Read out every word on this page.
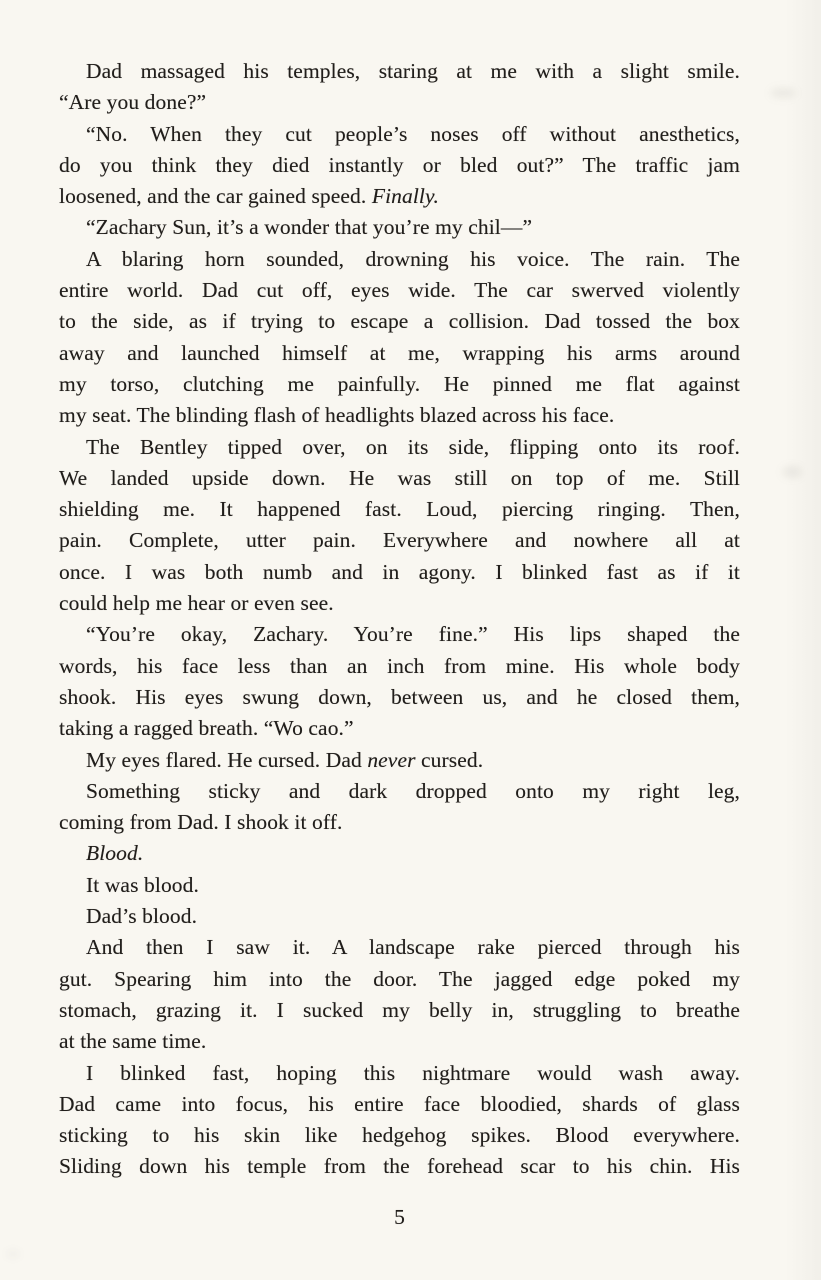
Dad massaged his temples, staring at me with a slight smile.
“Are you done?”
“No. When they cut people’s noses off without anesthetics,
do you think they died instantly or bled out?” The traffic jam
loosened, and the car gained speed. Finally.
“Zachary Sun, it’s a wonder that you’re my chil—”
A blaring horn sounded, drowning his voice. The rain. The
entire world. Dad cut off, eyes wide. The car swerved violently
to the side, as if trying to escape a collision. Dad tossed the box
away and launched himself at me, wrapping his arms around
my torso, clutching me painfully. He pinned me flat against
my seat. The blinding flash of headlights blazed across his face.
The Bentley tipped over, on its side, flipping onto its roof.
We landed upside down. He was still on top of me. Still
shielding me. It happened fast. Loud, piercing ringing. Then,
pain. Complete, utter pain. Everywhere and nowhere all at
once. I was both numb and in agony. I blinked fast as if it
could help me hear or even see.
“You’re okay, Zachary. You’re fine.” His lips shaped the
words, his face less than an inch from mine. His whole body
shook. His eyes swung down, between us, and he closed them,
taking a ragged breath. “Wo cao.”
My eyes flared. He cursed. Dad never cursed.
Something sticky and dark dropped onto my right leg,
coming from Dad. I shook it off.
Blood.
It was blood.
Dad’s blood.
And then I saw it. A landscape rake pierced through his
gut. Spearing him into the door. The jagged edge poked my
stomach, grazing it. I sucked my belly in, struggling to breathe
at the same time.
I blinked fast, hoping this nightmare would wash away.
Dad came into focus, his entire face bloodied, shards of glass
sticking to his skin like hedgehog spikes. Blood everywhere.
Sliding down his temple from the forehead scar to his chin. His
5
